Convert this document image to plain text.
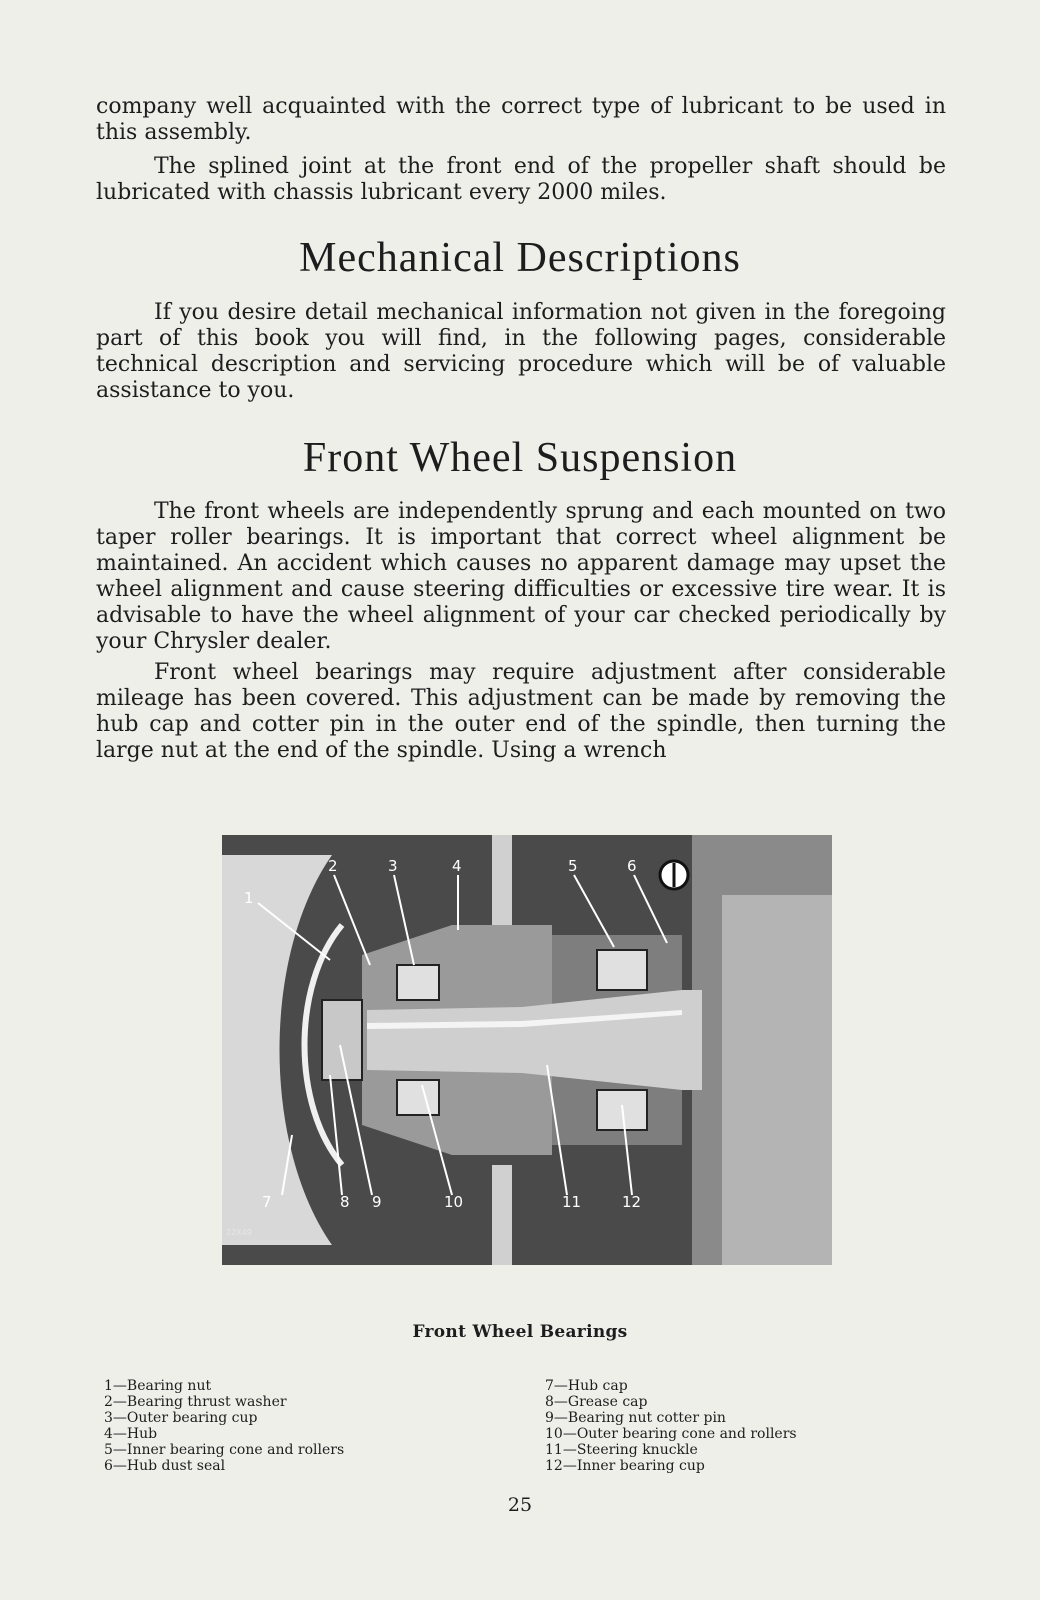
company well acquainted with the correct type of lubricant to be used in this assembly.

The splined joint at the front end of the propeller shaft should be lubricated with chassis lubricant every 2000 miles.

Mechanical Descriptions

If you desire detail mechanical information not given in the foregoing part of this book you will find, in the following pages, considerable technical description and servicing procedure which will be of valuable assistance to you.

Front Wheel Suspension

The front wheels are independently sprung and each mounted on two taper roller bearings. It is important that correct wheel alignment be maintained. An accident which causes no apparent damage may upset the wheel alignment and cause steering difficulties or excessive tire wear. It is advisable to have the wheel alignment of your car checked periodically by your Chrysler dealer.

Front wheel bearings may require adjustment after considerable mileage has been covered. This adjustment can be made by removing the hub cap and cotter pin in the outer end of the spindle, then turning the large nut at the end of the spindle. Using a wrench

1
2	3	4	5	6
7	8 9	10	11	12
22X49
Front Wheel Bearings
1—Bearing nut
2—Bearing thrust washer
3—Outer bearing cup
4—Hub
5—Inner bearing cone and rollers
6—Hub dust seal
7—Hub cap
8—Grease cap
9—Bearing nut cotter pin
10—Outer bearing cone and rollers
11—Steering knuckle
12—Inner bearing cup
25
